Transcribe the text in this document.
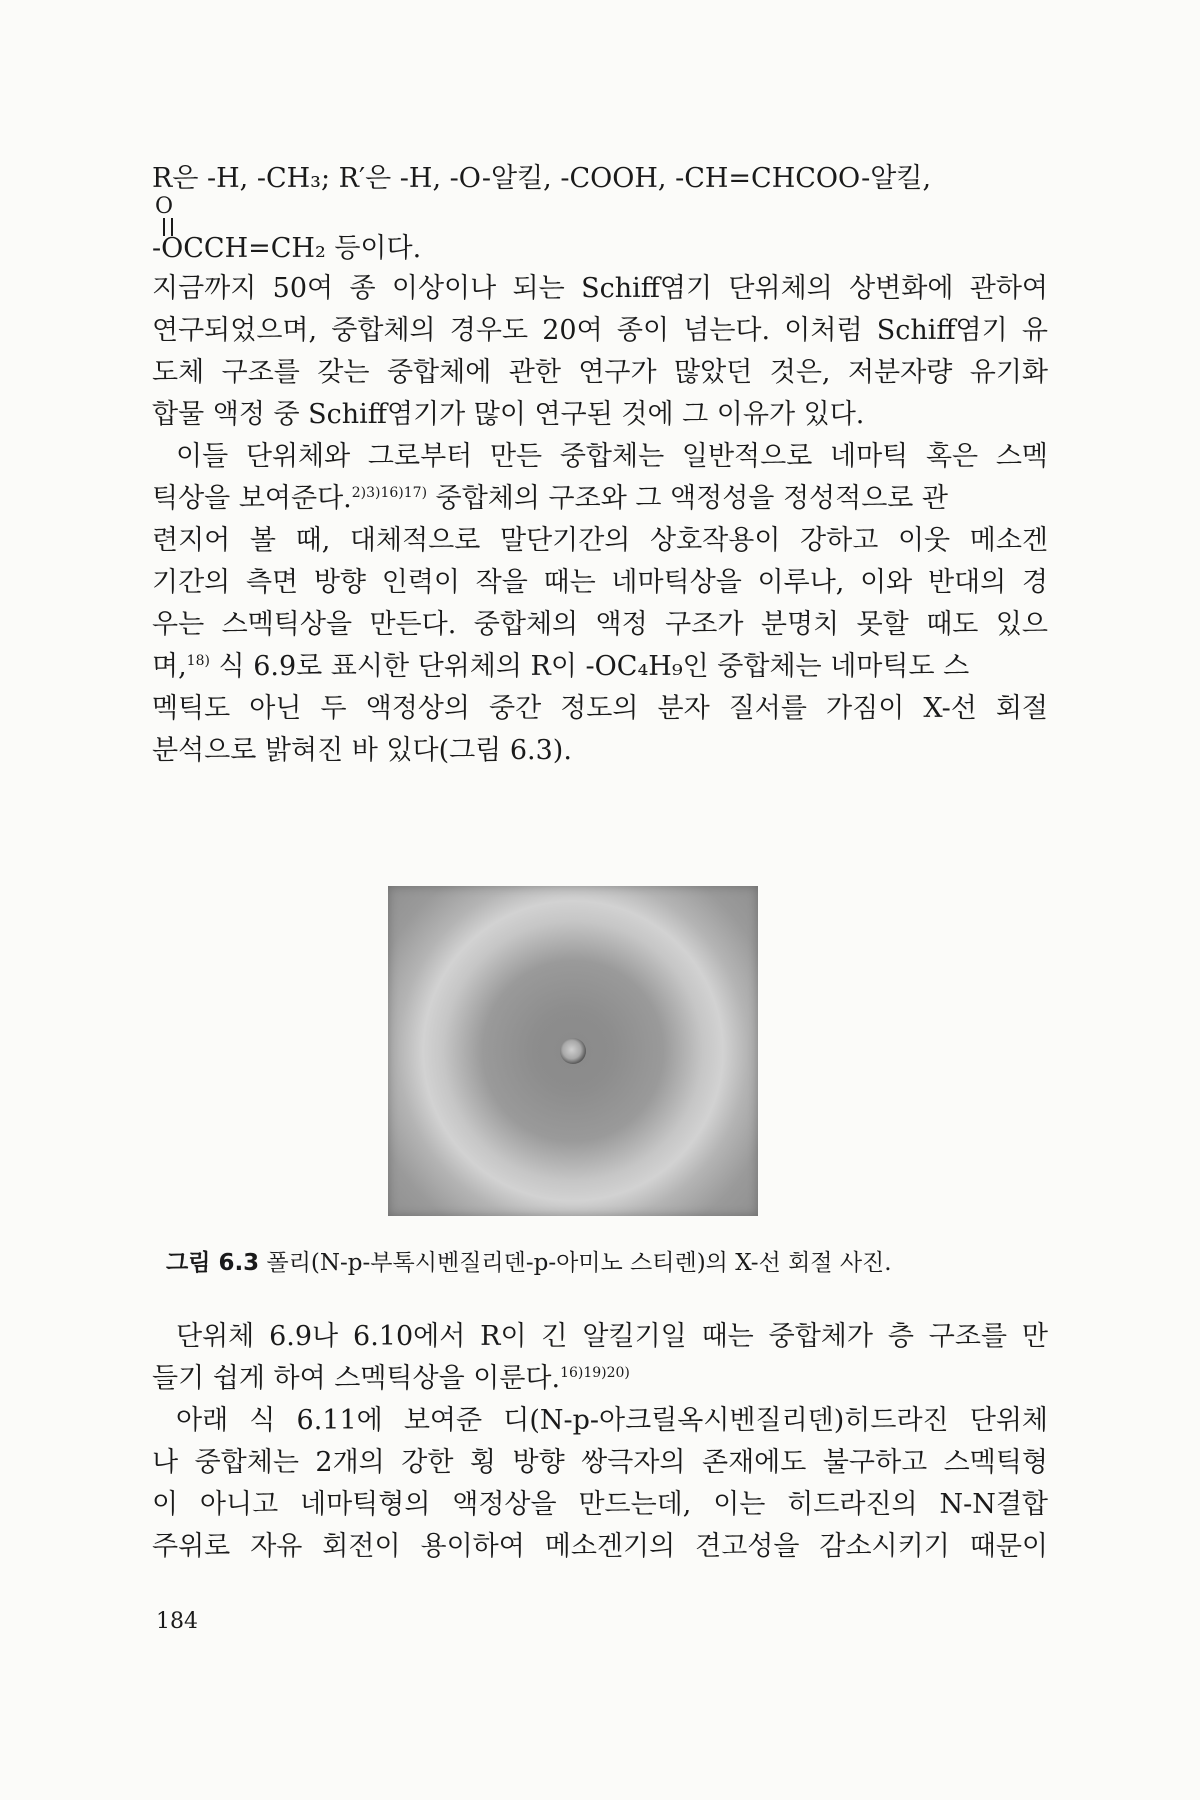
R은 -H, -CH₃; R′은 -H, -O-알킬, -COOH, -CH=CHCOO-알킬,
O
-OCCH=CH₂ 등이다.
지금까지 50여 종 이상이나 되는 Schiff염기 단위체의 상변화에 관하여
연구되었으며, 중합체의 경우도 20여 종이 넘는다. 이처럼 Schiff염기 유
도체 구조를 갖는 중합체에 관한 연구가 많았던 것은, 저분자량 유기화
합물 액정 중 Schiff염기가 많이 연구된 것에 그 이유가 있다.
이들 단위체와 그로부터 만든 중합체는 일반적으로 네마틱 혹은 스멕
틱상을 보여준다.$^{2)3)16)17)}$ 중합체의 구조와 그 액정성을 정성적으로 관
련지어 볼 때, 대체적으로 말단기간의 상호작용이 강하고 이웃 메소겐
기간의 측면 방향 인력이 작을 때는 네마틱상을 이루나, 이와 반대의 경
우는 스멕틱상을 만든다. 중합체의 액정 구조가 분명치 못할 때도 있으
며,$^{18)}$ 식 6.9로 표시한 단위체의 R이 -OC₄H₉인 중합체는 네마틱도 스
멕틱도 아닌 두 액정상의 중간 정도의 분자 질서를 가짐이 X-선 회절
분석으로 밝혀진 바 있다(그림 6.3).
그림 6.3 폴리(N-p-부톡시벤질리덴-p-아미노 스티렌)의 X-선 회절 사진.
단위체 6.9나 6.10에서 R이 긴 알킬기일 때는 중합체가 층 구조를 만
들기 쉽게 하여 스멕틱상을 이룬다.$^{16)19)20)}$
아래 식 6.11에 보여준 디(N-p-아크릴옥시벤질리덴)히드라진 단위체
나 중합체는 2개의 강한 횡 방향 쌍극자의 존재에도 불구하고 스멕틱형
이 아니고 네마틱형의 액정상을 만드는데, 이는 히드라진의 N-N결합
주위로 자유 회전이 용이하여 메소겐기의 견고성을 감소시키기 때문이
184
